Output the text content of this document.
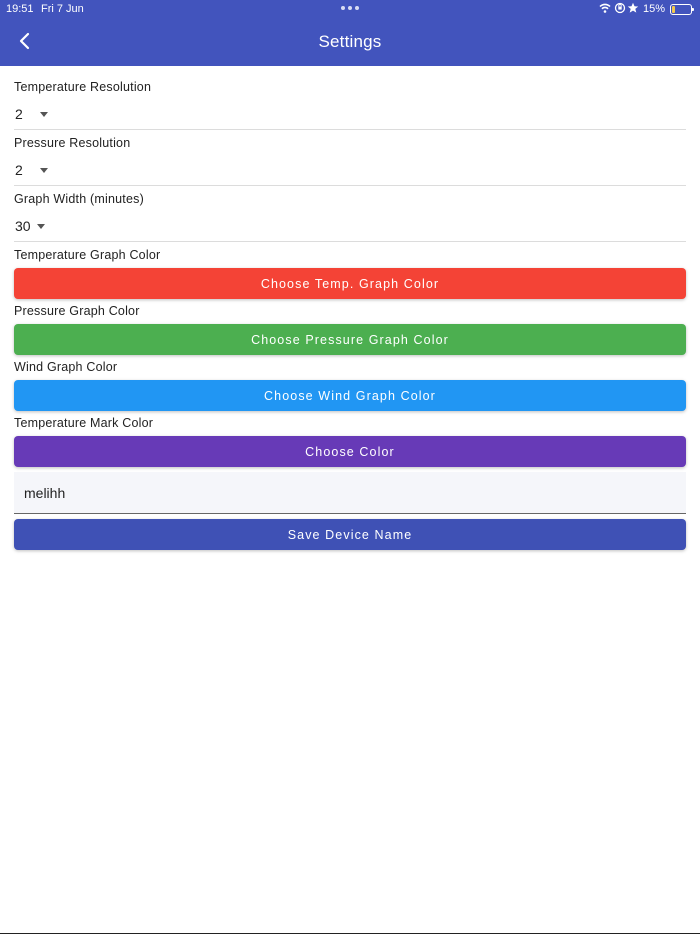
19:51 Fri 7 Jun	15%
Settings
Temperature Resolution
2
Pressure Resolution
2
Graph Width (minutes)
30
Temperature Graph Color
Choose Temp. Graph Color
Pressure Graph Color
Choose Pressure Graph Color
Wind Graph Color
Choose Wind Graph Color
Temperature Mark Color
Choose Color
melihh
Save Device Name
